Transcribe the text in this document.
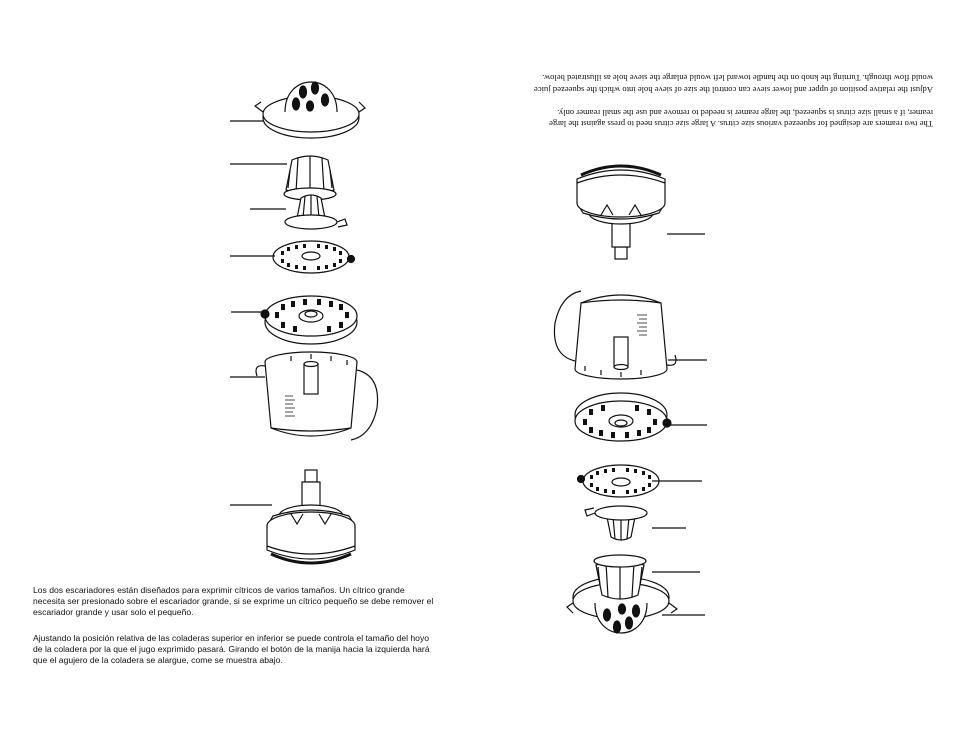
Los dos escariadores están diseñados para exprimir cítricos de varios tamaños. Un cítrico grande necesita ser presionado sobre el escariador grande, si se exprime un cítrico pequeño se debe remover el escariador grande y usar solo el pequeño.

Ajustando la posición relativa de las coladeras superior en inferior se puede controla el tamaño del hoyo de la coladera por la que el jugo exprimido pasará. Girando el botón de la manija hacia la izquierda hará que el agujero de la coladera se alargue, come se muestra abajo.

The two reamers are designed for squeezed various size citrus. A large size citrus need to press against the large reamer, if a small size citrus is squeezed, the large reamer is needed to remove and use the small reamer only.

Adjust the relative position of upper and lower sieve can control the size of sieve hole into which the squeezed juice would flow through. Turning the knob on the handle toward left would enlarge the sieve hole as illustrated below.
